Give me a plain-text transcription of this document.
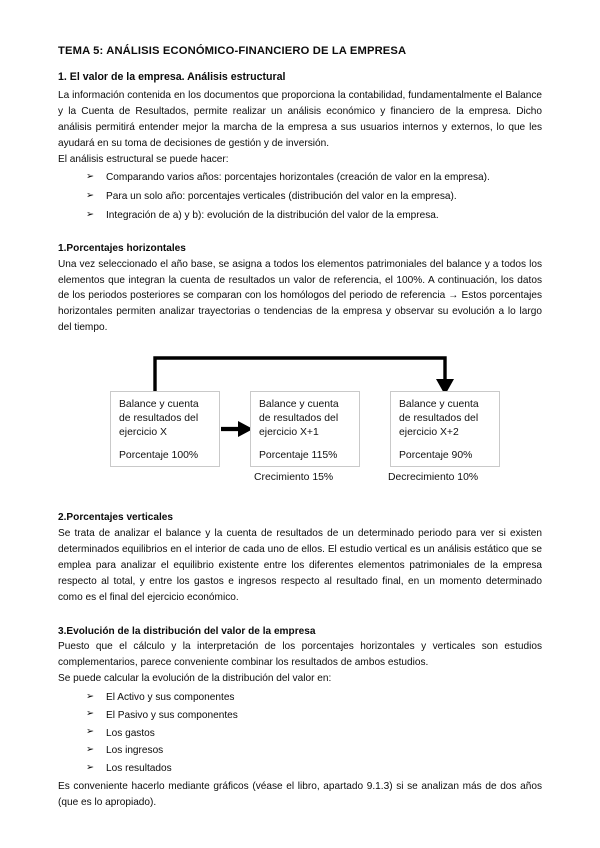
TEMA 5: ANÁLISIS ECONÓMICO-FINANCIERO DE LA EMPRESA
1. El valor de la empresa. Análisis estructural

La información contenida en los documentos que proporciona la contabilidad, fundamentalmente el Balance y la Cuenta de Resultados, permite realizar un análisis económico y financiero de la empresa. Dicho análisis permitirá entender mejor la marcha de la empresa a sus usuarios internos y externos, lo que les ayudará en su toma de decisiones de gestión y de inversión.

El análisis estructural se puede hacer:

➢ Comparando varios años: porcentajes horizontales (creación de valor en la empresa).
➢ Para un solo año: porcentajes verticales (distribución del valor en la empresa).
➢ Integración de a) y b): evolución de la distribución del valor de la empresa.
1.Porcentajes horizontales

Una vez seleccionado el año base, se asigna a todos los elementos patrimoniales del balance y a todos los elementos que integran la cuenta de resultados un valor de referencia, el 100%. A continuación, los datos de los periodos posteriores se comparan con los homólogos del periodo de referencia → Estos porcentajes horizontales permiten analizar trayectorias o tendencias de la empresa y observar su evolución a lo largo del tiempo.

Balance y cuenta
de resultados del
ejercicio X
Porcentaje 100%
Balance y cuenta
de resultados del
ejercicio X+1
Porcentaje 115%
Balance y cuenta
de resultados del
ejercicio X+2
Porcentaje 90%
Crecimiento 15%	Decrecimiento 10%
2.Porcentajes verticales

Se trata de analizar el balance y la cuenta de resultados de un determinado periodo para ver si existen determinados equilibrios en el interior de cada uno de ellos. El estudio vertical es un análisis estático que se emplea para analizar el equilibrio existente entre los diferentes elementos patrimoniales de la empresa respecto al total, y entre los gastos e ingresos respecto al resultado final, en un momento determinado como es el final del ejercicio económico.

3.Evolución de la distribución del valor de la empresa

Puesto que el cálculo y la interpretación de los porcentajes horizontales y verticales son estudios complementarios, parece conveniente combinar los resultados de ambos estudios.

Se puede calcular la evolución de la distribución del valor en:

➢ El Activo y sus componentes
➢ El Pasivo y sus componentes
➢ Los gastos
➢ Los ingresos
➢ Los resultados

Es conveniente hacerlo mediante gráficos (véase el libro, apartado 9.1.3) si se analizan más de dos años (que es lo apropiado).
